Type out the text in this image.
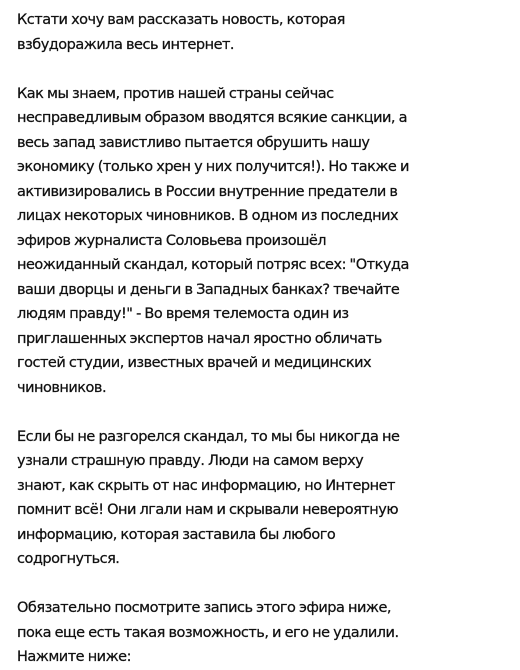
Кстати хочу вам рассказать новость, которая
взбудоражила весь интернет.

Как мы знаем, против нашей страны сейчас
несправедливым образом вводятся всякие санкции, а
весь запад завистливо пытается обрушить нашу
экономику (только хрен у них получится!). Но также и
активизировались в России внутренние предатели в
лицах некоторых чиновников. В одном из последних
эфиров журналиста Соловьева произошёл
неожиданный скандал, который потряс всех: "Откуда
ваши дворцы и деньги в Западных банках? твечайте
людям правду!" - Во время телемоста один из
приглашенных экспертов начал яростно обличать
гостей студии, известных врачей и медицинских
чиновников.

Если бы не разгорелся скандал, то мы бы никогда не
узнали страшную правду. Люди на самом верху
знают, как скрыть от нас информацию, но Интернет
помнит всё! Они лгали нам и скрывали невероятную
информацию, которая заставила бы любого
содрогнуться.

Обязательно посмотрите запись этого эфира ниже,
пока еще есть такая возможность, и его не удалили.
Нажмите ниже:
